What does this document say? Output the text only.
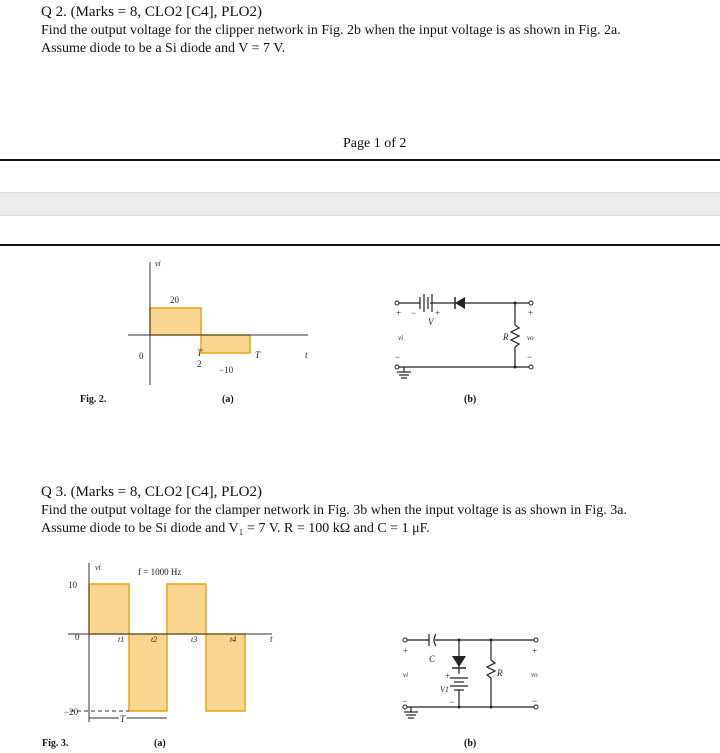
Q 2. (Marks = 8, CLO2 [C4], PLO2)
Find the output voltage for the clipper network in Fig. 2b when the input voltage is as shown in Fig. 2a.
Assume diode to be a Si diode and V = 7 V.
Page 1 of 2
vi
20
0	T
2
−10
T	t
+ − +
V
vi	R
+
vo
−	−
Fig. 2.	(a)	(b)
Q 3. (Marks = 8, CLO2 [C4], PLO2)
Find the output voltage for the clamper network in Fig. 3b when the input voltage is as shown in Fig. 3a.
Assume diode to be Si diode and V₁ = 7 V. R = 100 kΩ and C = 1 μF.
vi	f = 1000 Hz
10
0
−20
t1	t2	t3	t4	t
T
+
C
vi	+
V1
−
R
+
vo
−	−
Fig. 3.	(a)	(b)
